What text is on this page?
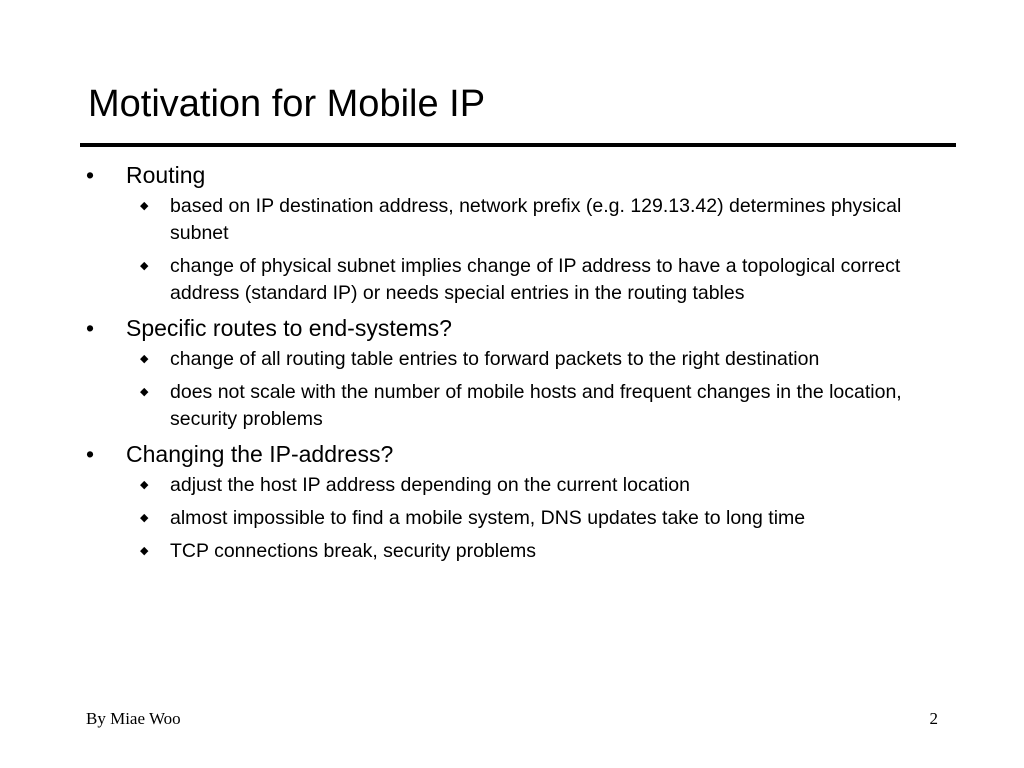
Motivation for Mobile IP
•	Routing
◆ based on IP destination address, network prefix (e.g. 129.13.42) determines physical subnet
◆ change of physical subnet implies change of IP address to have a topological correct address (standard IP) or needs special entries in the routing tables
•	Specific routes to end-systems?
◆ change of all routing table entries to forward packets to the right destination
◆ does not scale with the number of mobile hosts and frequent changes in the location, security problems
•	Changing the IP-address?
◆ adjust the host IP address depending on the current location
◆ almost impossible to find a mobile system, DNS updates take to long time
◆ TCP connections break, security problems
By Miae Woo	2
